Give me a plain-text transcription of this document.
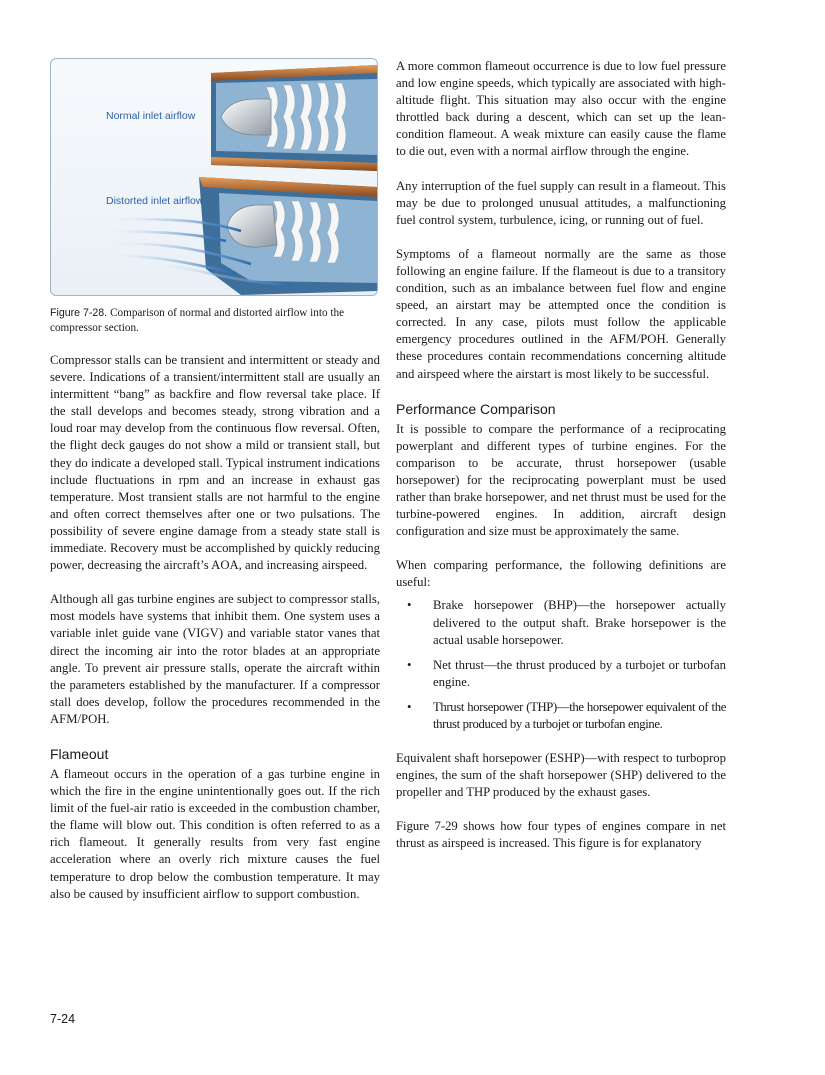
Normal inlet airflow
Distorted inlet airflow
Figure 7-28. Comparison of normal and distorted airflow into the compressor section.

Compressor stalls can be transient and intermittent or steady and severe. Indications of a transient/intermittent stall are usually an intermittent “bang” as backfire and flow reversal take place. If the stall develops and becomes steady, strong vibration and a loud roar may develop from the continuous flow reversal. Often, the flight deck gauges do not show a mild or transient stall, but they do indicate a developed stall. Typical instrument indications include fluctuations in rpm and an increase in exhaust gas temperature. Most transient stalls are not harmful to the engine and often correct themselves after one or two pulsations. The possibility of severe engine damage from a steady state stall is immediate. Recovery must be accomplished by quickly reducing power, decreasing the aircraft’s AOA, and increasing airspeed.

Although all gas turbine engines are subject to compressor stalls, most models have systems that inhibit them. One system uses a variable inlet guide vane (VIGV) and variable stator vanes that direct the incoming air into the rotor blades at an appropriate angle. To prevent air pressure stalls, operate the aircraft within the parameters established by the manufacturer. If a compressor stall does develop, follow the procedures recommended in the AFM/POH.

Flameout

A flameout occurs in the operation of a gas turbine engine in which the fire in the engine unintentionally goes out. If the rich limit of the fuel-air ratio is exceeded in the combustion chamber, the flame will blow out. This condition is often referred to as a rich flameout. It generally results from very fast engine acceleration where an overly rich mixture causes the fuel temperature to drop below the combustion temperature. It may also be caused by insufficient airflow to support combustion.

A more common flameout occurrence is due to low fuel pressure and low engine speeds, which typically are associated with high-altitude flight. This situation may also occur with the engine throttled back during a descent, which can set up the lean-condition flameout. A weak mixture can easily cause the flame to die out, even with a normal airflow through the engine.

Any interruption of the fuel supply can result in a flameout. This may be due to prolonged unusual attitudes, a malfunctioning fuel control system, turbulence, icing, or running out of fuel.

Symptoms of a flameout normally are the same as those following an engine failure. If the flameout is due to a transitory condition, such as an imbalance between fuel flow and engine speed, an airstart may be attempted once the condition is corrected. In any case, pilots must follow the applicable emergency procedures outlined in the AFM/POH. Generally these procedures contain recommendations concerning altitude and airspeed where the airstart is most likely to be successful.

Performance Comparison

It is possible to compare the performance of a reciprocating powerplant and different types of turbine engines. For the comparison to be accurate, thrust horsepower (usable horsepower) for the reciprocating powerplant must be used rather than brake horsepower, and net thrust must be used for the turbine-powered engines. In addition, aircraft design configuration and size must be approximately the same.

When comparing performance, the following definitions are useful:

• Brake horsepower (BHP)—the horsepower actually delivered to the output shaft. Brake horsepower is the actual usable horsepower.
• Net thrust—the thrust produced by a turbojet or turbofan engine.
• Thrust horsepower (THP)—the horsepower equivalent of the thrust produced by a turbojet or turbofan engine.

Equivalent shaft horsepower (ESHP)—with respect to turboprop engines, the sum of the shaft horsepower (SHP) delivered to the propeller and THP produced by the exhaust gases.

Figure 7-29 shows how four types of engines compare in net thrust as airspeed is increased. This figure is for explanatory

7-24
